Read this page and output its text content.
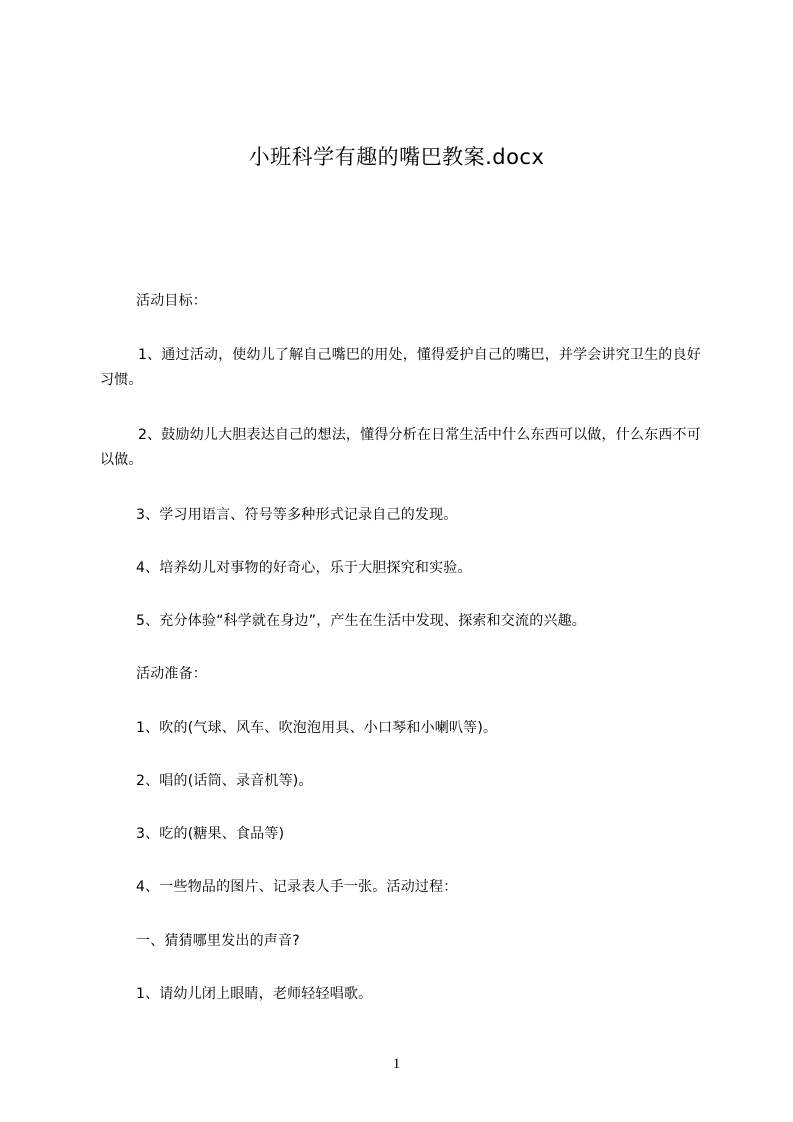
小班科学有趣的嘴巴教案.docx
活动目标：
1、通过活动，使幼儿了解自己嘴巴的用处，懂得爱护自己的嘴巴，并学会讲究卫生的良好习惯。
2、鼓励幼儿大胆表达自己的想法，懂得分析在日常生活中什么东西可以做，什么东西不可以做。
3、学习用语言、符号等多种形式记录自己的发现。
4、培养幼儿对事物的好奇心，乐于大胆探究和实验。
5、充分体验“科学就在身边”，产生在生活中发现、探索和交流的兴趣。
活动准备：
1、吹的(气球、风车、吹泡泡用具、小口琴和小喇叭等)。
2、唱的(话筒、录音机等)。
3、吃的(糖果、食品等)
4、一些物品的图片、记录表人手一张。活动过程：
一、猜猜哪里发出的声音?
1、请幼儿闭上眼睛，老师轻轻唱歌。
1
